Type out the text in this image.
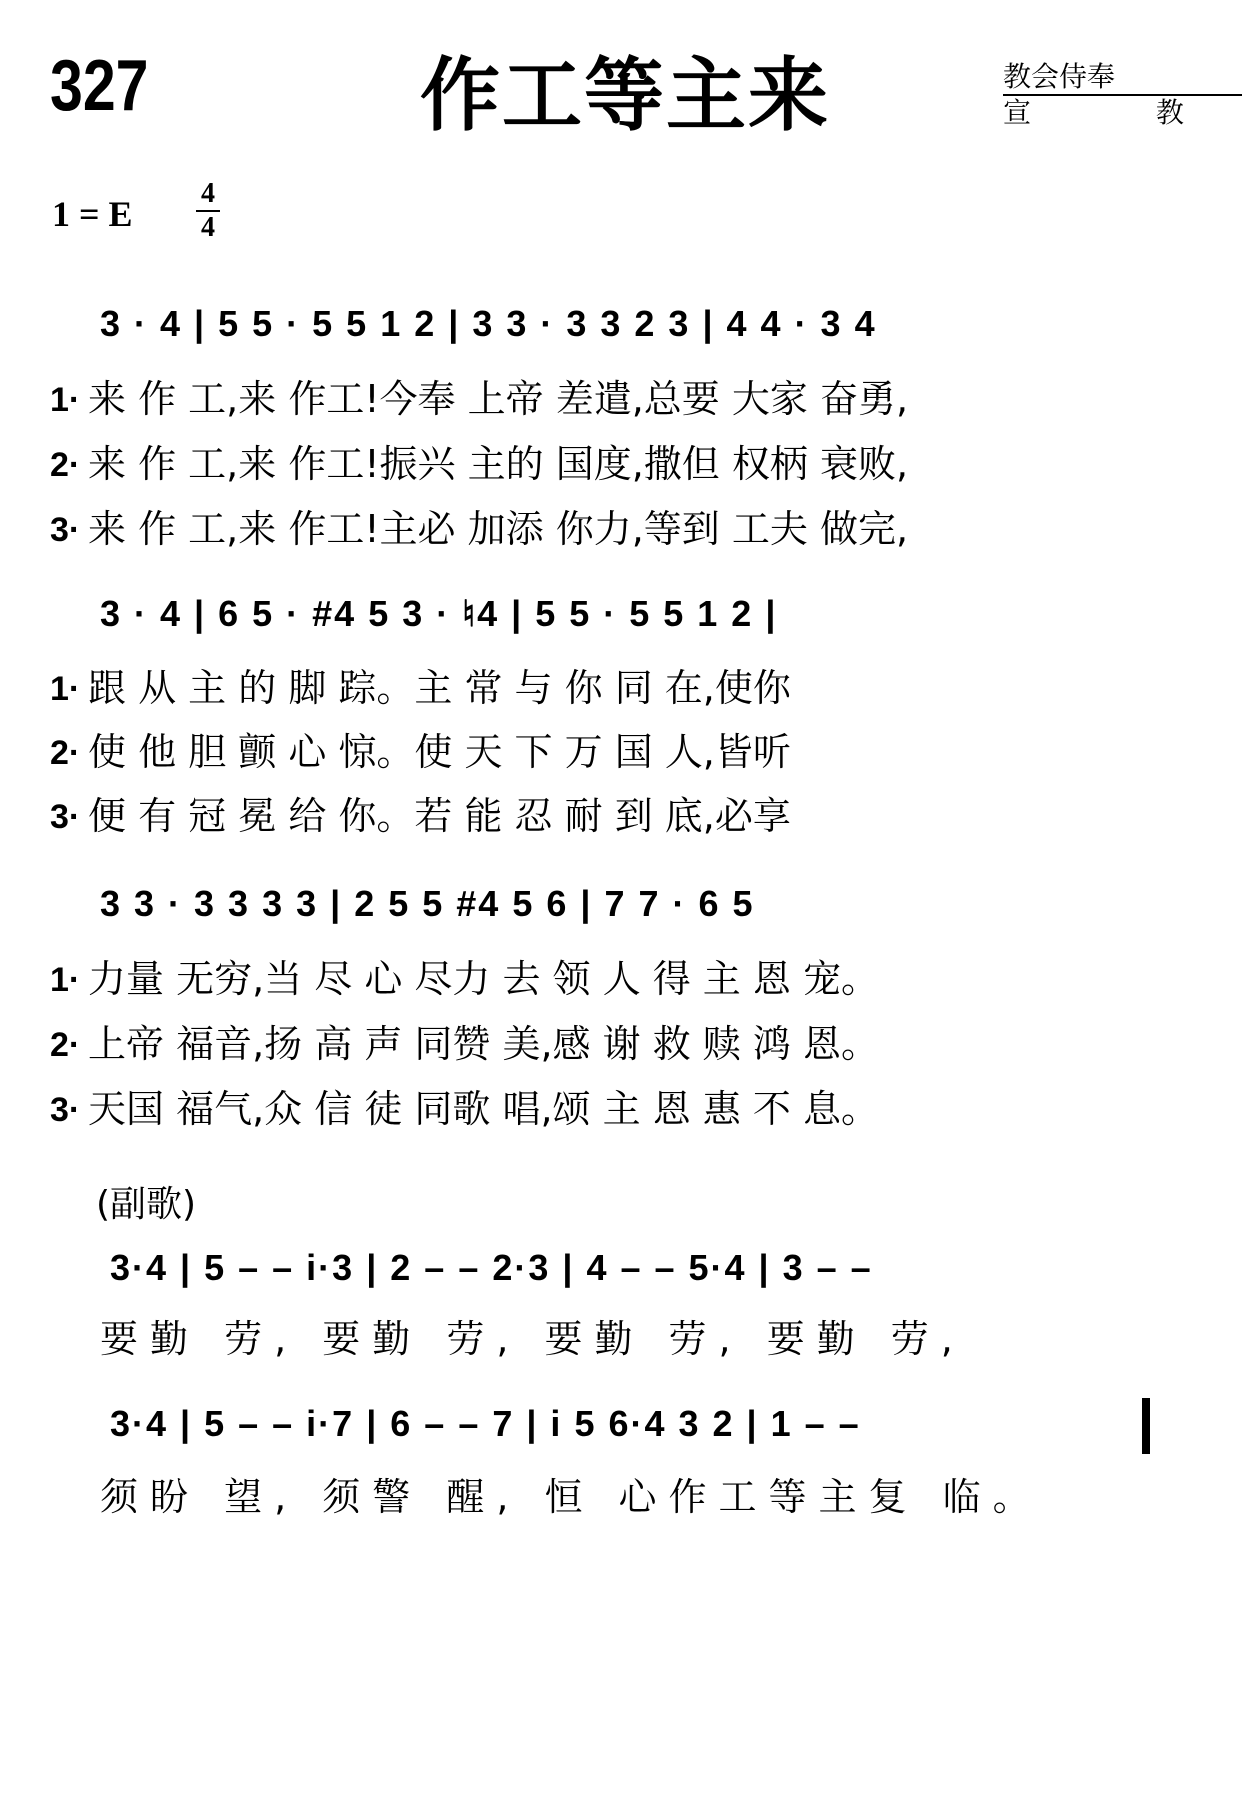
327	作工等主来	教会侍奉
宣 教
1 = E
4
4
3 · 4 | 5 5 · 5 5 1 2 | 3 3 · 3 3 2 3 | 4 4 · 3 4
1· 来 作 工,来 作工!今奉 上帝 差遣,总要 大家 奋勇,
2· 来 作 工,来 作工!振兴 主的 国度,撒但 权柄 衰败,
3· 来 作 工,来 作工!主必 加添 你力,等到 工夫 做完,
3 · 4 | 6 5 · #4 5 3 · ♮4 | 5 5 · 5 5 1 2 |
1· 跟 从 主 的 脚 踪。主 常 与 你 同 在,使你
2· 使 他 胆 颤 心 惊。使 天 下 万 国 人,皆听
3· 便 有 冠 冕 给 你。若 能 忍 耐 到 底,必享
3 3 · 3 3 3 3 | 2 5 5 #4 5 6 | 7 7 · 6 5
1· 力量 无穷,当 尽 心 尽力 去 领 人 得 主 恩 宠。
2· 上帝 福音,扬 高 声 同赞 美,感 谢 救 赎 鸿 恩。
3· 天国 福气,众 信 徒 同歌 唱,颂 主 恩 惠 不 息。
(副歌)
3·4 | 5 – – i·3 | 2 – – 2·3 | 4 – – 5·4 | 3 – –
要勤 劳, 要勤 劳, 要勤 劳, 要勤 劳,
3·4 | 5 – – i·7 | 6 – – 7 | i 5 6·4 3 2 | 1 – –
须盼 望, 须警 醒, 恒 心作工等主复 临。
